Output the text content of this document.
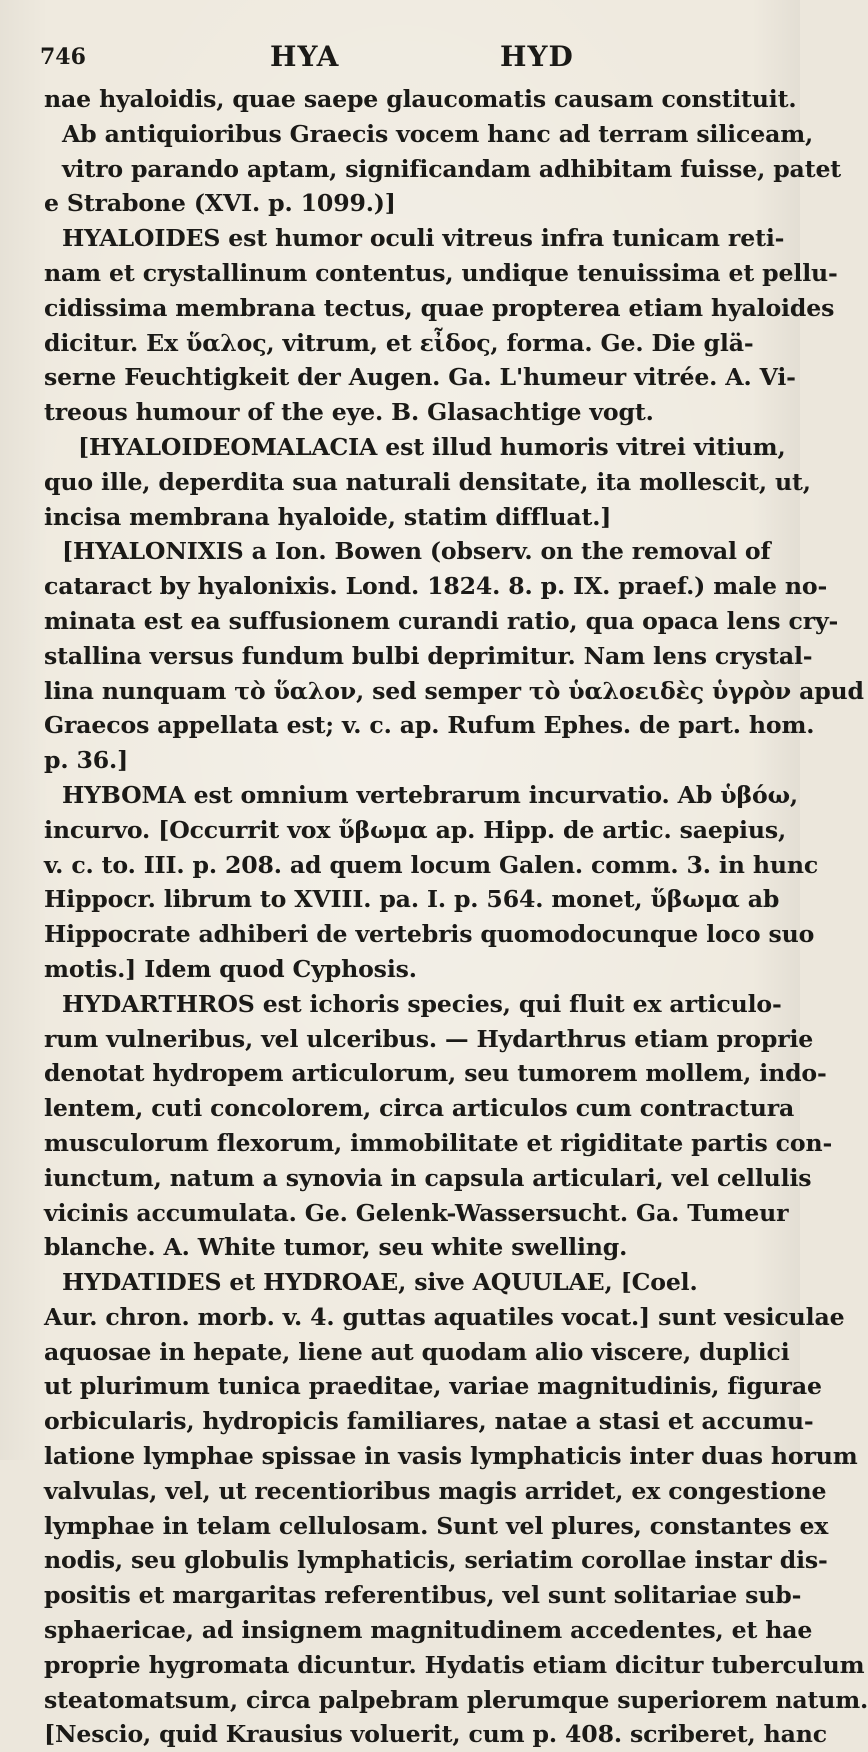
746	HYA	HYD
nae hyaloidis, quae saepe glaucomatis causam constituit.
Ab antiquioribus Graecis vocem hanc ad terram siliceam,
vitro parando aptam, significandam adhibitam fuisse, patet
e Strabone (XVI. p. 1099.)]
HYALOIDES est humor oculi vitreus infra tunicam reti-
nam et crystallinum contentus, undique tenuissima et pellu-
cidissima membrana tectus, quae propterea etiam hyaloides
dicitur. Ex ὕαλος, vitrum, et εἶδος, forma. Ge. Die glä-
serne Feuchtigkeit der Augen. Ga. L'humeur vitrée. A. Vi-
treous humour of the eye. B. Glasachtige vogt.
[HYALOIDEOMALACIA est illud humoris vitrei vitium,
quo ille, deperdita sua naturali densitate, ita mollescit, ut,
incisa membrana hyaloide, statim diffluat.]
[HYALONIXIS a Ion. Bowen (observ. on the removal of
cataract by hyalonixis. Lond. 1824. 8. p. IX. praef.) male no-
minata est ea suffusionem curandi ratio, qua opaca lens cry-
stallina versus fundum bulbi deprimitur. Nam lens crystal-
lina nunquam τὸ ὕαλον, sed semper τὸ ὑαλοειδὲς ὑγρὸν apud
Graecos appellata est; v. c. ap. Rufum Ephes. de part. hom.
p. 36.]
HYBOMA est omnium vertebrarum incurvatio. Ab ὑβόω,
incurvo. [Occurrit vox ὕβωμα ap. Hipp. de artic. saepius,
v. c. to. III. p. 208. ad quem locum Galen. comm. 3. in hunc
Hippocr. librum to XVIII. pa. I. p. 564. monet, ὕβωμα ab
Hippocrate adhiberi de vertebris quomodocunque loco suo
motis.] Idem quod Cyphosis.
HYDARTHROS est ichoris species, qui fluit ex articulo-
rum vulneribus, vel ulceribus. — Hydarthrus etiam proprie
denotat hydropem articulorum, seu tumorem mollem, indo-
lentem, cuti concolorem, circa articulos cum contractura
musculorum flexorum, immobilitate et rigiditate partis con-
iunctum, natum a synovia in capsula articulari, vel cellulis
vicinis accumulata. Ge. Gelenk-Wassersucht. Ga. Tumeur
blanche. A. White tumor, seu white swelling.
HYDATIDES et HYDROAE, sive AQUULAE, [Coel.
Aur. chron. morb. v. 4. guttas aquatiles vocat.] sunt vesiculae
aquosae in hepate, liene aut quodam alio viscere, duplici
ut plurimum tunica praeditae, variae magnitudinis, figurae
orbicularis, hydropicis familiares, natae a stasi et accumu-
latione lymphae spissae in vasis lymphaticis inter duas horum
valvulas, vel, ut recentioribus magis arridet, ex congestione
lymphae in telam cellulosam. Sunt vel plures, constantes ex
nodis, seu globulis lymphaticis, seriatim corollae instar dis-
positis et margaritas referentibus, vel sunt solitariae sub-
sphaericae, ad insignem magnitudinem accedentes, et hae
proprie hygromata dicuntur. Hydatis etiam dicitur tuberculum
steatomatsum, circa palpebram plerumque superiorem natum.
[Nescio, quid Krausius voluerit, cum p. 408. scriberet, hanc
